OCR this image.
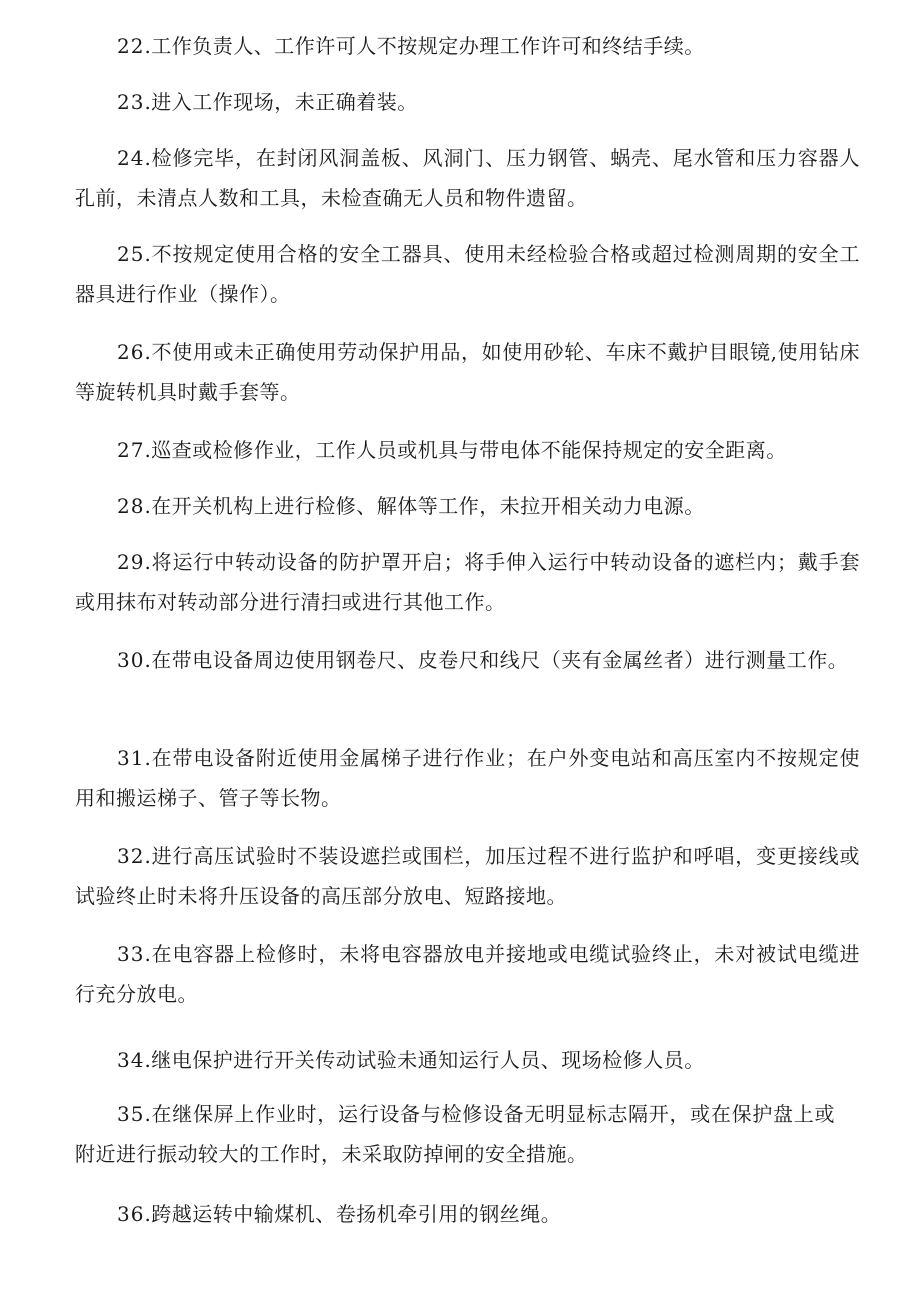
22.工作负责人、工作许可人不按规定办理工作许可和终结手续。

23.进入工作现场，未正确着装。

24.检修完毕，在封闭风洞盖板、风洞门、压力钢管、蜗壳、尾水管和压力容器人孔前，未清点人数和工具，未检查确无人员和物件遗留。

25.不按规定使用合格的安全工器具、使用未经检验合格或超过检测周期的安全工器具进行作业（操作）。

26.不使用或未正确使用劳动保护用品，如使用砂轮、车床不戴护目眼镜,使用钻床等旋转机具时戴手套等。

27.巡查或检修作业，工作人员或机具与带电体不能保持规定的安全距离。

28.在开关机构上进行检修、解体等工作，未拉开相关动力电源。

29.将运行中转动设备的防护罩开启；将手伸入运行中转动设备的遮栏内；戴手套或用抹布对转动部分进行清扫或进行其他工作。

30.在带电设备周边使用钢卷尺、皮卷尺和线尺（夹有金属丝者）进行测量工作。

31.在带电设备附近使用金属梯子进行作业；在户外变电站和高压室内不按规定使用和搬运梯子、管子等长物。

32.进行高压试验时不装设遮拦或围栏，加压过程不进行监护和呼唱，变更接线或试验终止时未将升压设备的高压部分放电、短路接地。

33.在电容器上检修时，未将电容器放电并接地或电缆试验终止，未对被试电缆进行充分放电。

34.继电保护进行开关传动试验未通知运行人员、现场检修人员。

35.在继保屏上作业时，运行设备与检修设备无明显标志隔开，或在保护盘上或附近进行振动较大的工作时，未采取防掉闸的安全措施。

36.跨越运转中输煤机、卷扬机牵引用的钢丝绳。
